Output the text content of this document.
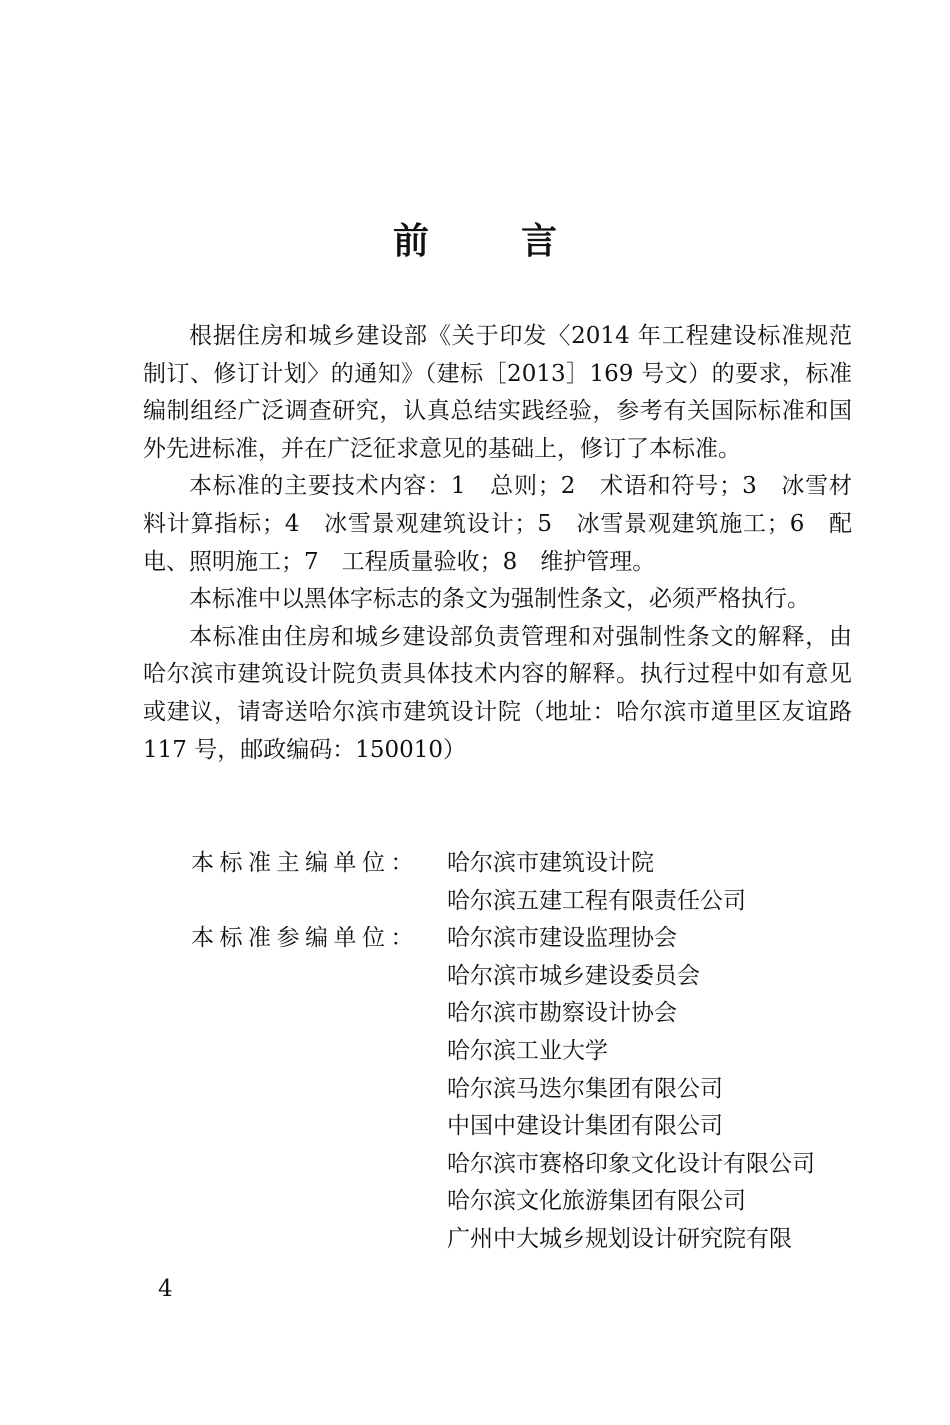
前	言

根据住房和城乡建设部《关于印发〈2014 年工程建设标准规范制订、修订计划〉的通知》（建标［2013］169 号文）的要求，标准编制组经广泛调查研究，认真总结实践经验，参考有关国际标准和国外先进标准，并在广泛征求意见的基础上，修订了本标准。

本标准的主要技术内容：1　总则；2　术语和符号；3　冰雪材料计算指标；4　冰雪景观建筑设计；5　冰雪景观建筑施工；6　配电、照明施工；7　工程质量验收；8　维护管理。

本标准中以黑体字标志的条文为强制性条文，必须严格执行。

本标准由住房和城乡建设部负责管理和对强制性条文的解释，由哈尔滨市建筑设计院负责具体技术内容的解释。执行过程中如有意见或建议，请寄送哈尔滨市建筑设计院（地址：哈尔滨市道里区友谊路 117 号，邮政编码：150010）

本标准主编单位：	哈尔滨市建筑设计院
哈尔滨五建工程有限责任公司
本标准参编单位：	哈尔滨市建设监理协会
哈尔滨市城乡建设委员会
哈尔滨市勘察设计协会
哈尔滨工业大学
哈尔滨马迭尔集团有限公司
中国中建设计集团有限公司
哈尔滨市赛格印象文化设计有限公司
哈尔滨文化旅游集团有限公司
广州中大城乡规划设计研究院有限
4
